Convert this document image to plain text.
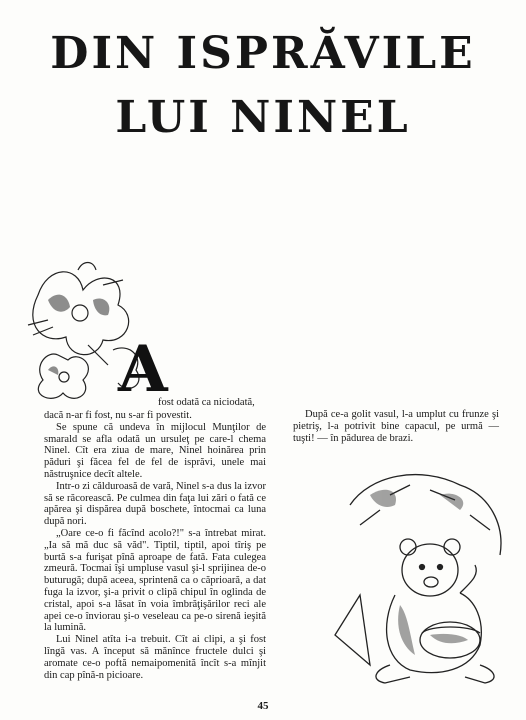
DIN ISPRĂVILE
LUI NINEL
A
fost odată ca niciodată,

dacă n-ar fi fost, nu s-ar fi povestit.

Se spune că undeva în mijlocul Munţilor de smarald se afla odată un ursuleţ pe care-l chema Ninel. Cît era ziua de mare, Ninel hoinărea prin păduri şi făcea fel de fel de isprăvi, unele mai năstruşnice decît altele.

Intr-o zi călduroasă de vară, Ninel s-a dus la izvor să se răcorească. Pe culmea din faţa lui zări o fată ce apărea şi dispărea după boschete, întocmai ca luna după nori.

„Oare ce-o fi făcînd acolo?!" s-a întrebat mirat. „Ia să mă duc să văd". Tiptil, tiptil, apoi tîriş pe burtă s-a furişat pînă aproape de fată. Fata culegea zmeură. Tocmai îşi umpluse vasul şi-l sprijinea de-o buturugă; după aceea, sprintenă ca o căprioară, a dat fuga la izvor, şi-a privit o clipă chipul în oglinda de cristal, apoi s-a lăsat în voia îmbrăţişărilor reci ale apei ce-o înviorau şi-o veseleau ca pe-o sirenă ieşită la lumină.

Lui Ninel atîta i-a trebuit. Cît ai clipi, a şi fost lîngă vas. A început să mănînce fructele dulci şi aromate ce-o poftă nemaipomenită încît s-a mînjit din cap pînă-n picioare.

După ce-a golit vasul, l-a umplut cu frunze şi pietriş, l-a potrivit bine capacul, pe urmă — tuşti! — în pădurea de brazi.

45
